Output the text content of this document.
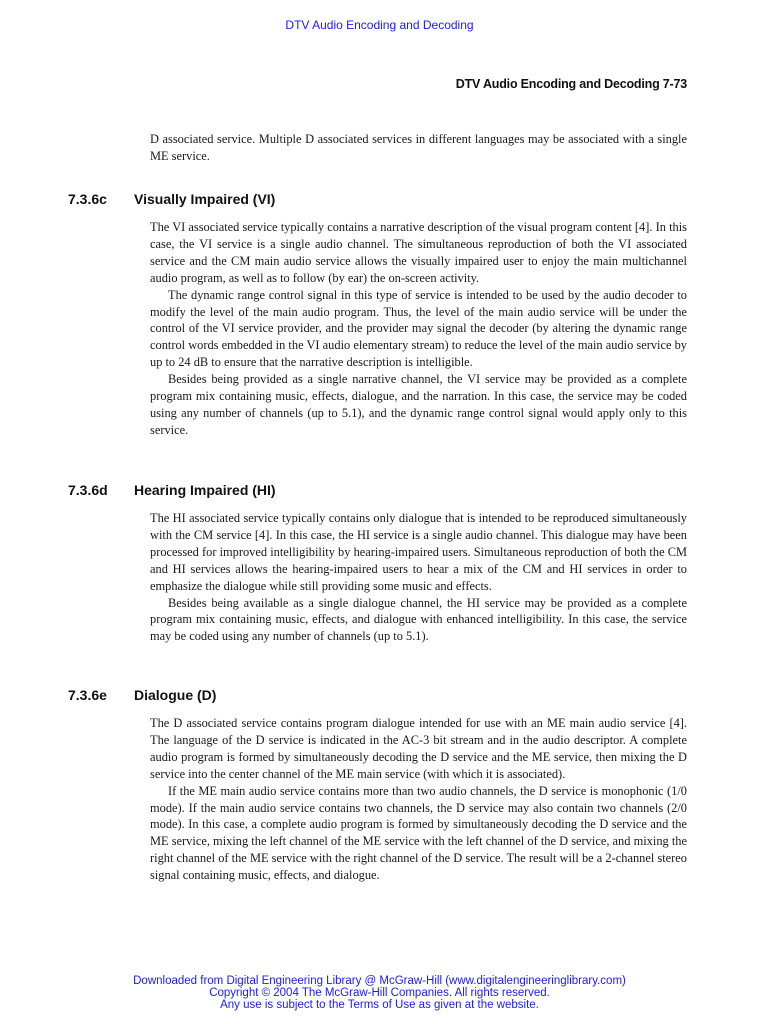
DTV Audio Encoding and Decoding
DTV Audio Encoding and Decoding 7-73

D associated service. Multiple D associated services in different languages may be associated with a single ME service.

7.3.6c Visually Impaired (VI)

The VI associated service typically contains a narrative description of the visual program content [4]. In this case, the VI service is a single audio channel. The simultaneous reproduction of both the VI associated service and the CM main audio service allows the visually impaired user to enjoy the main multichannel audio program, as well as to follow (by ear) the on-screen activity.

The dynamic range control signal in this type of service is intended to be used by the audio decoder to modify the level of the main audio program. Thus, the level of the main audio service will be under the control of the VI service provider, and the provider may signal the decoder (by altering the dynamic range control words embedded in the VI audio elementary stream) to reduce the level of the main audio service by up to 24 dB to ensure that the narrative description is intelligible.

Besides being provided as a single narrative channel, the VI service may be provided as a complete program mix containing music, effects, dialogue, and the narration. In this case, the service may be coded using any number of channels (up to 5.1), and the dynamic range control signal would apply only to this service.

7.3.6d Hearing Impaired (HI)

The HI associated service typically contains only dialogue that is intended to be reproduced simultaneously with the CM service [4]. In this case, the HI service is a single audio channel. This dialogue may have been processed for improved intelligibility by hearing-impaired users. Simultaneous reproduction of both the CM and HI services allows the hearing-impaired users to hear a mix of the CM and HI services in order to emphasize the dialogue while still providing some music and effects.

Besides being available as a single dialogue channel, the HI service may be provided as a complete program mix containing music, effects, and dialogue with enhanced intelligibility. In this case, the service may be coded using any number of channels (up to 5.1).

7.3.6e Dialogue (D)

The D associated service contains program dialogue intended for use with an ME main audio service [4]. The language of the D service is indicated in the AC-3 bit stream and in the audio descriptor. A complete audio program is formed by simultaneously decoding the D service and the ME service, then mixing the D service into the center channel of the ME main service (with which it is associated).

If the ME main audio service contains more than two audio channels, the D service is monophonic (1/0 mode). If the main audio service contains two channels, the D service may also contain two channels (2/0 mode). In this case, a complete audio program is formed by simultaneously decoding the D service and the ME service, mixing the left channel of the ME service with the left channel of the D service, and mixing the right channel of the ME service with the right channel of the D service. The result will be a 2-channel stereo signal containing music, effects, and dialogue.

Downloaded from Digital Engineering Library @ McGraw-Hill (www.digitalengineeringlibrary.com)
Copyright © 2004 The McGraw-Hill Companies. All rights reserved.
Any use is subject to the Terms of Use as given at the website.
